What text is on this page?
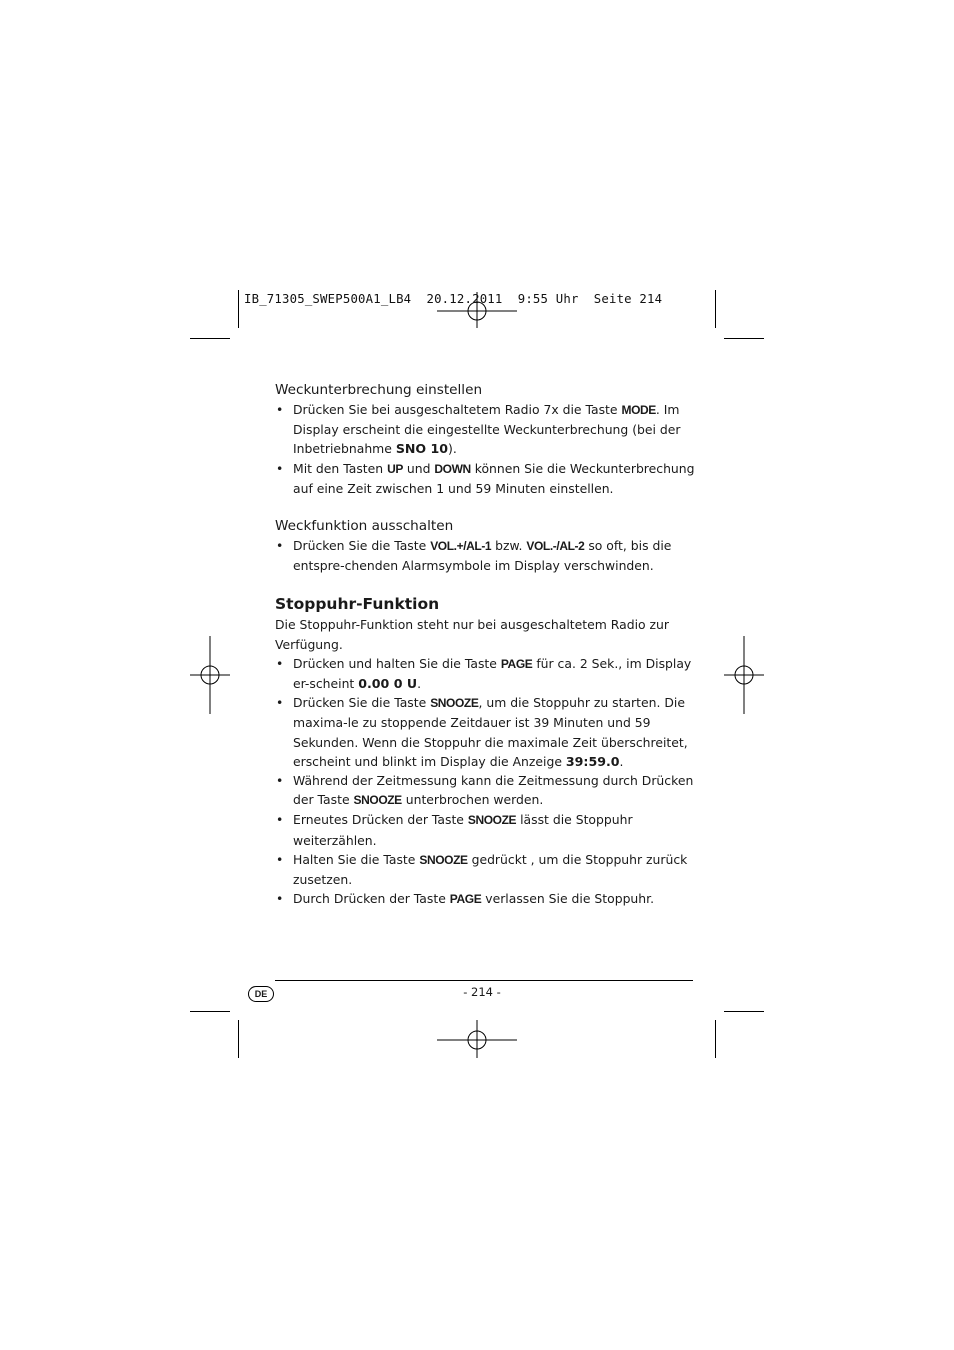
IB_71305_SWEP500A1_LB4  20.12.2011  9:55 Uhr  Seite 214
Weckunterbrechung einstellen
• Drücken Sie bei ausgeschaltetem Radio 7x die Taste MODE. Im Display erscheint die eingestellte Weckunterbrechung (bei der Inbetriebnahme SNO 10).
• Mit den Tasten UP und DOWN können Sie die Weckunterbrechung auf eine Zeit zwischen 1 und 59 Minuten einstellen.
Weckfunktion ausschalten
• Drücken Sie die Taste VOL.+/AL-1 bzw. VOL.-/AL-2 so oft, bis die entspre-chenden Alarmsymbole im Display verschwinden.
Stoppuhr-Funktion

Die Stoppuhr-Funktion steht nur bei ausgeschaltetem Radio zur Verfügung.

• Drücken und halten Sie die Taste PAGE für ca. 2 Sek., im Display er-scheint 0.00 0 U.
• Drücken Sie die Taste SNOOZE, um die Stoppuhr zu starten. Die maxima-le zu stoppende Zeitdauer ist 39 Minuten und 59 Sekunden. Wenn die Stoppuhr die maximale Zeit überschreitet, erscheint und blinkt im Display die Anzeige 39:59.0.
• Während der Zeitmessung kann die Zeitmessung durch Drücken der Taste SNOOZE unterbrochen werden.
• Erneutes Drücken der Taste SNOOZE lässt die Stoppuhr weiterzählen.
• Halten Sie die Taste SNOOZE gedrückt , um die Stoppuhr zurück zusetzen.
• Durch Drücken der Taste PAGE verlassen Sie die Stoppuhr.
DE	- 214 -
